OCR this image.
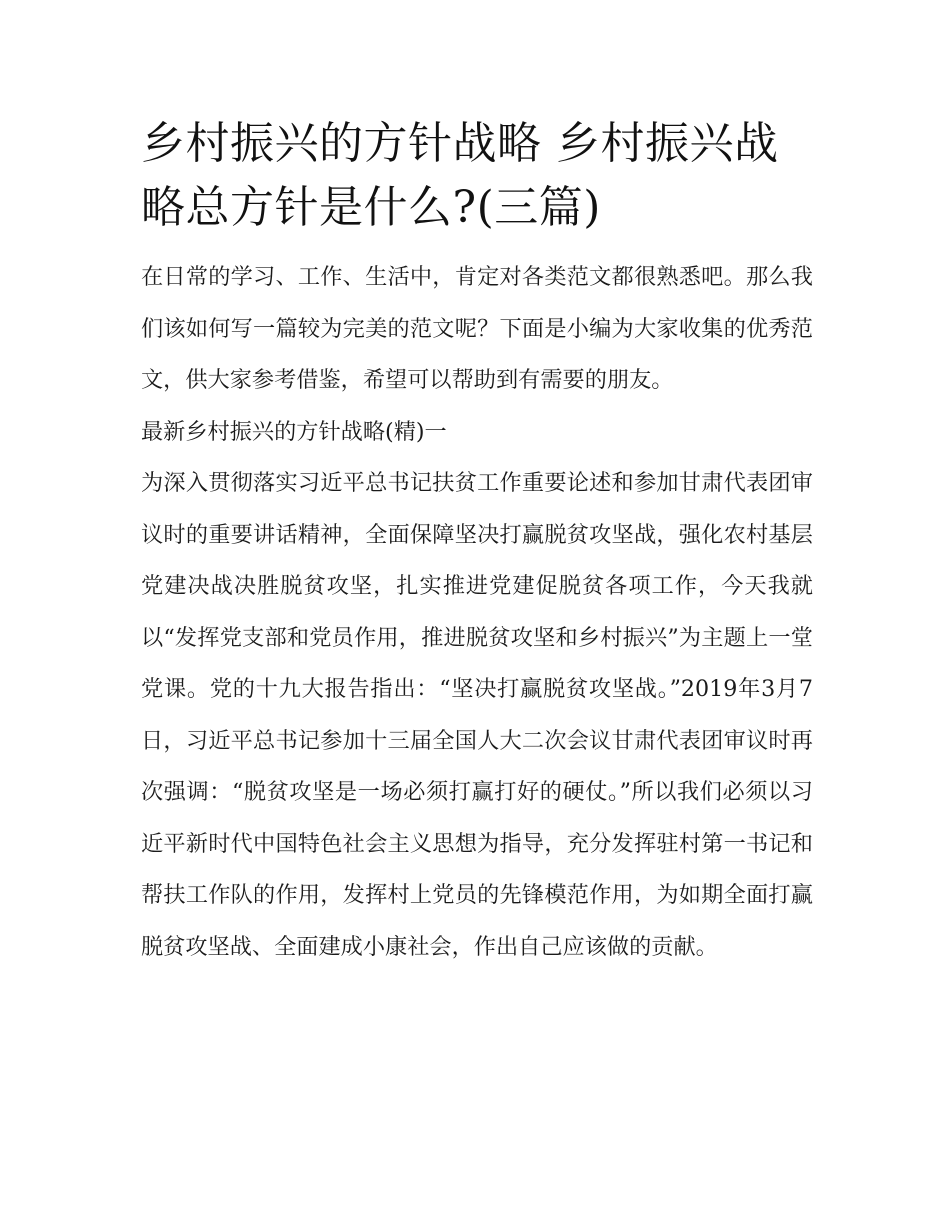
乡村振兴的方针战略 乡村振兴战略总方针是什么?(三篇)

在日常的学习、工作、生活中，肯定对各类范文都很熟悉吧。那么我们该如何写一篇较为完美的范文呢？下面是小编为大家收集的优秀范文，供大家参考借鉴，希望可以帮助到有需要的朋友。

最新乡村振兴的方针战略(精)一

为深入贯彻落实习近平总书记扶贫工作重要论述和参加甘肃代表团审议时的重要讲话精神，全面保障坚决打赢脱贫攻坚战，强化农村基层党建决战决胜脱贫攻坚，扎实推进党建促脱贫各项工作，今天我就以“发挥党支部和党员作用，推进脱贫攻坚和乡村振兴”为主题上一堂党课。党的十九大报告指出：“坚决打赢脱贫攻坚战。”2019年3月7日，习近平总书记参加十三届全国人大二次会议甘肃代表团审议时再次强调：“脱贫攻坚是一场必须打赢打好的硬仗。”所以我们必须以习近平新时代中国特色社会主义思想为指导，充分发挥驻村第一书记和帮扶工作队的作用，发挥村上党员的先锋模范作用，为如期全面打赢脱贫攻坚战、全面建成小康社会，作出自己应该做的贡献。
